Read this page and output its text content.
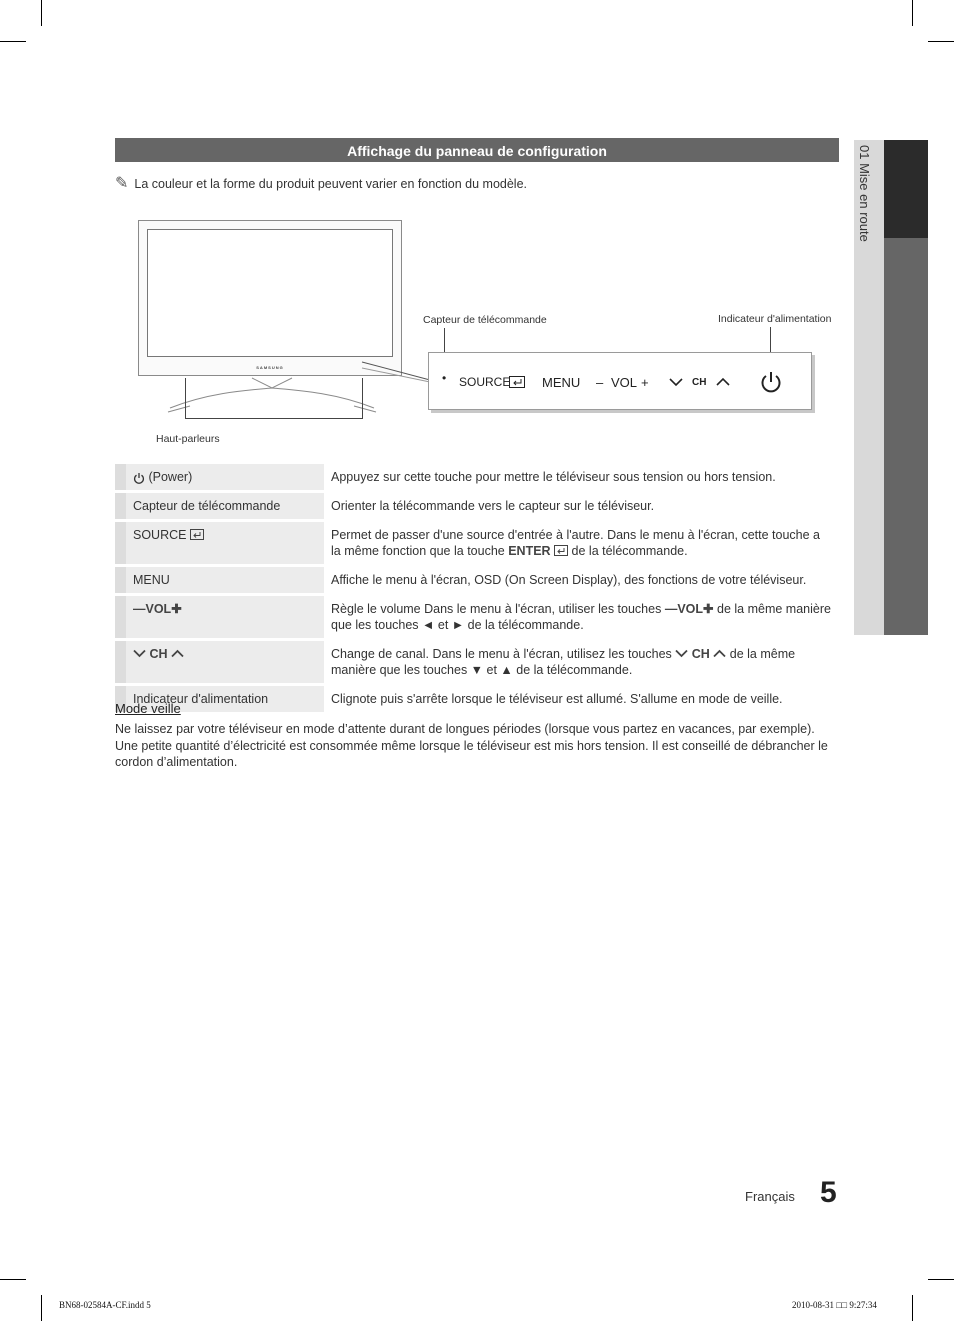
01 Mise en route
Affichage du panneau de configuration
✎ La couleur et la forme du produit peuvent varier en fonction du modèle.
SAMSUNG
Haut-parleurs
Capteur de télécommande	Indicateur d'alimentation
• SOURCE MENU – VOL +	CH
	(Power)	Appuyez sur cette touche pour mettre le téléviseur sous tension ou hors tension.
	Capteur de télécommande	Orienter la télécommande vers le capteur sur le téléviseur.
	SOURCE	Permet de passer d'une source d'entrée à l'autre. Dans le menu à l'écran, cette touche a la même fonction que la touche ENTER de la télécommande.
	MENU	Affiche le menu à l'écran, OSD (On Screen Display), des fonctions de votre téléviseur.
	—VOL✚	Règle le volume Dans le menu à l'écran, utiliser les touches —VOL✚ de la même manière que les touches ◄ et ► de la télécommande.
	CH	Change de canal. Dans le menu à l'écran, utilisez les touches CH de la même manière que les touches ▼ et ▲ de la télécommande.
	Indicateur d'alimentation	Clignote puis s'arrête lorsque le téléviseur est allumé. S'allume en mode de veille.
Mode veille
Ne laissez par votre téléviseur en mode d’attente durant de longues périodes (lorsque vous partez en vacances, par exemple). Une petite quantité d’électricité est consommée même lorsque le téléviseur est mis hors tension. Il est conseillé de débrancher le cordon d’alimentation.
Français 5
BN68-02584A-CF.indd 5	2010-08-31 □□ 9:27:34
